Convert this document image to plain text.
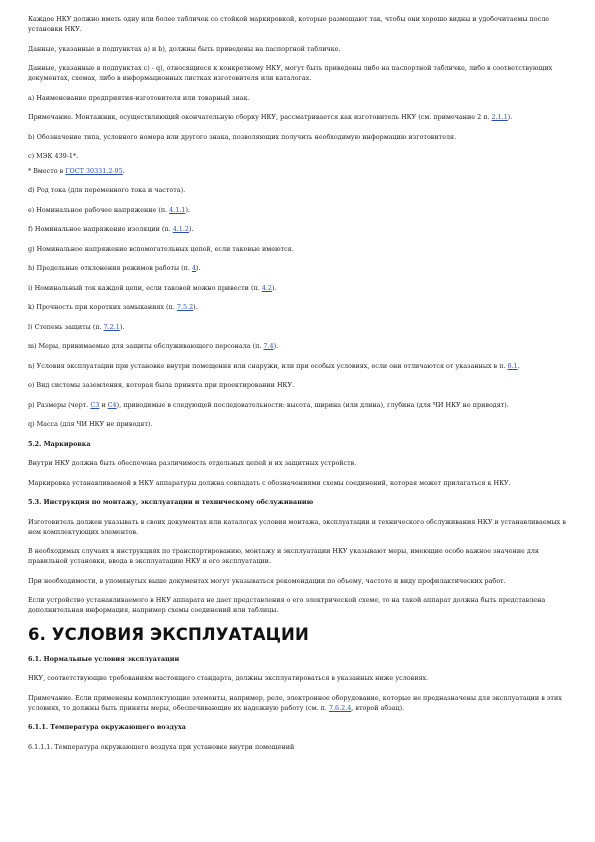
Каждое НКУ должно иметь одну или более табличек со стойкой маркировкой, которые размещают так, чтобы они хорошо видны и удобочитаемы после установки НКУ.

Данные, указанные в подпунктах а) и b), должны быть приведены на паспортной табличке.

Данные, указанные в подпунктах с) - q), относящиеся к конкретному НКУ, могут быть приведены либо на паспортной табличке, либо в соответствующих документах, схемах, либо в информационных листках изготовителя или каталогах.

а) Наименование предприятия-изготовителя или товарный знак.

Примечание. Монтажник, осуществляющий окончательную сборку НКУ, рассматривается как изготовитель НКУ (см. примечание 2 п. 2.1.1).

b) Обозначение типа, условного номера или другого знака, позволяющих получить необходимую информацию изготовителя.

с) МЭК 439-1*.

* Вместо в ГОСТ 30331.2-95.

d) Род тока (для переменного тока и частота).

е) Номинальное рабочее напряжение (п. 4.1.1).

f) Номинальное напряжение изоляции (п. 4.1.2).

g) Номинальное напряжение вспомогательных цепей, если таковые имеются.

h) Предельные отклонения режимов работы (п. 4).

i) Номинальный ток каждой цепи, если таковой можно привести (п. 4.2).

k) Прочность при коротких замыканиях (п. 7.5.2).

l) Степень защиты (п. 7.2.1).

m) Меры, принимаемые для защиты обслуживающего персонала (п. 7.4).

n) Условия эксплуатации при установке внутри помещения или снаружи, или при особых условиях, если они отличаются от указанных в п. 6.1.

о) Вид системы заземления, которая была принята при проектировании НКУ.

р) Размеры (черт. С3 и С4), приводимые в следующей последовательности: высота, ширина (или длина), глубина (для ЧИ НКУ не приводят).

q) Масса (для ЧИ НКУ не приводят).

5.2. Маркировка

Внутри НКУ должна быть обеспечена различимость отдельных цепей и их защитных устройств.

Маркировка устанавливаемой в НКУ аппаратуры должна совпадать с обозначениями схемы соединений, которая может прилагаться к НКУ.

5.3. Инструкция по монтажу, эксплуатации и техническому обслуживанию

Изготовитель должен указывать в своих документах или каталогах условия монтажа, эксплуатации и технического обслуживания НКУ и устанавливаемых в нем комплектующих элементов.

В необходимых случаях в инструкциях по транспортированию, монтажу и эксплуатации НКУ указывают меры, имеющие особо важное значение для правильной установки, ввода в эксплуатацию НКУ и его эксплуатации.

При необходимости, в упомянутых выше документах могут указываться рекомендации по объему, частоте и виду профилактических работ.

Если устройство устанавливаемого в НКУ аппарата не дает представления о его электрической схеме, то на такой аппарат должна быть представлена дополнительная информация, например схемы соединений или таблицы.

6. УСЛОВИЯ ЭКСПЛУАТАЦИИ

6.1. Нормальные условия эксплуатации

НКУ, соответствующие требованиям настоящего стандарта, должны эксплуатироваться в указанных ниже условиях.

Примечание. Если применены комплектующие элементы, например, реле, электронное оборудование, которые не предназначены для эксплуатации в этих условиях, то должны быть приняты меры, обеспечивающие их надежную работу (см. п. 7.6.2.4, второй абзац).

6.1.1. Температура окружающего воздуха

6.1.1.1. Температура окружающего воздуха при установке внутри помещений
